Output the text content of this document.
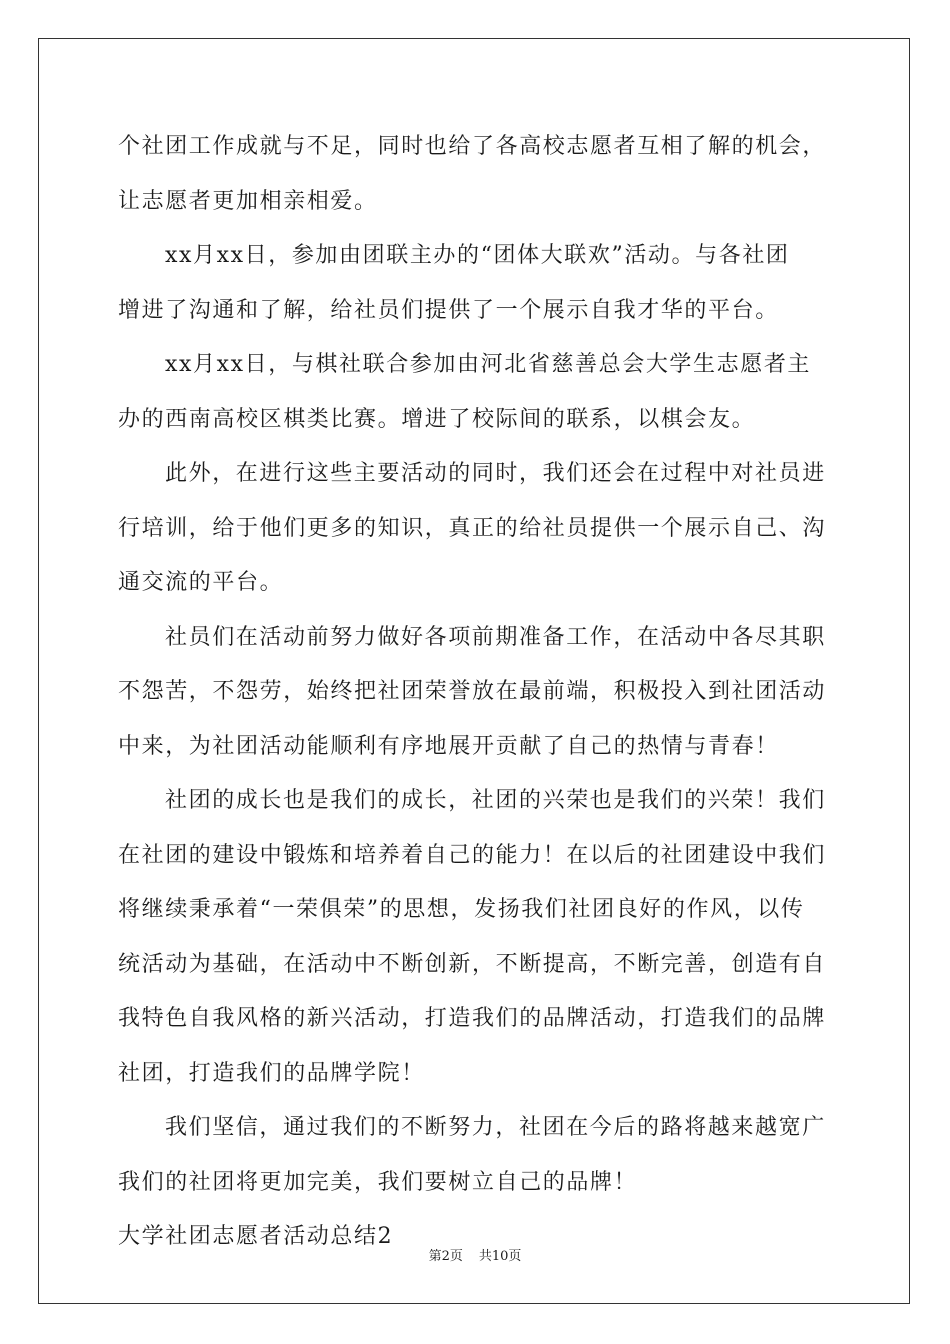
个社团工作成就与不足，同时也给了各高校志愿者互相了解的机会，
让志愿者更加相亲相爱。
xx月xx日，参加由团联主办的“团体大联欢”活动。与各社团
增进了沟通和了解，给社员们提供了一个展示自我才华的平台。
xx月xx日，与棋社联合参加由河北省慈善总会大学生志愿者主
办的西南高校区棋类比赛。增进了校际间的联系，以棋会友。
此外，在进行这些主要活动的同时，我们还会在过程中对社员进
行培训，给于他们更多的知识，真正的给社员提供一个展示自己、沟
通交流的平台。
社员们在活动前努力做好各项前期准备工作，在活动中各尽其职
不怨苦，不怨劳，始终把社团荣誉放在最前端，积极投入到社团活动
中来，为社团活动能顺利有序地展开贡献了自己的热情与青春！
社团的成长也是我们的成长，社团的兴荣也是我们的兴荣！我们
在社团的建设中锻炼和培养着自己的能力！在以后的社团建设中我们
将继续秉承着“一荣俱荣”的思想，发扬我们社团良好的作风，以传
统活动为基础，在活动中不断创新，不断提高，不断完善，创造有自
我特色自我风格的新兴活动，打造我们的品牌活动，打造我们的品牌
社团，打造我们的品牌学院！
我们坚信，通过我们的不断努力，社团在今后的路将越来越宽广
我们的社团将更加完美，我们要树立自己的品牌！
大学社团志愿者活动总结2
第2页 共10页
